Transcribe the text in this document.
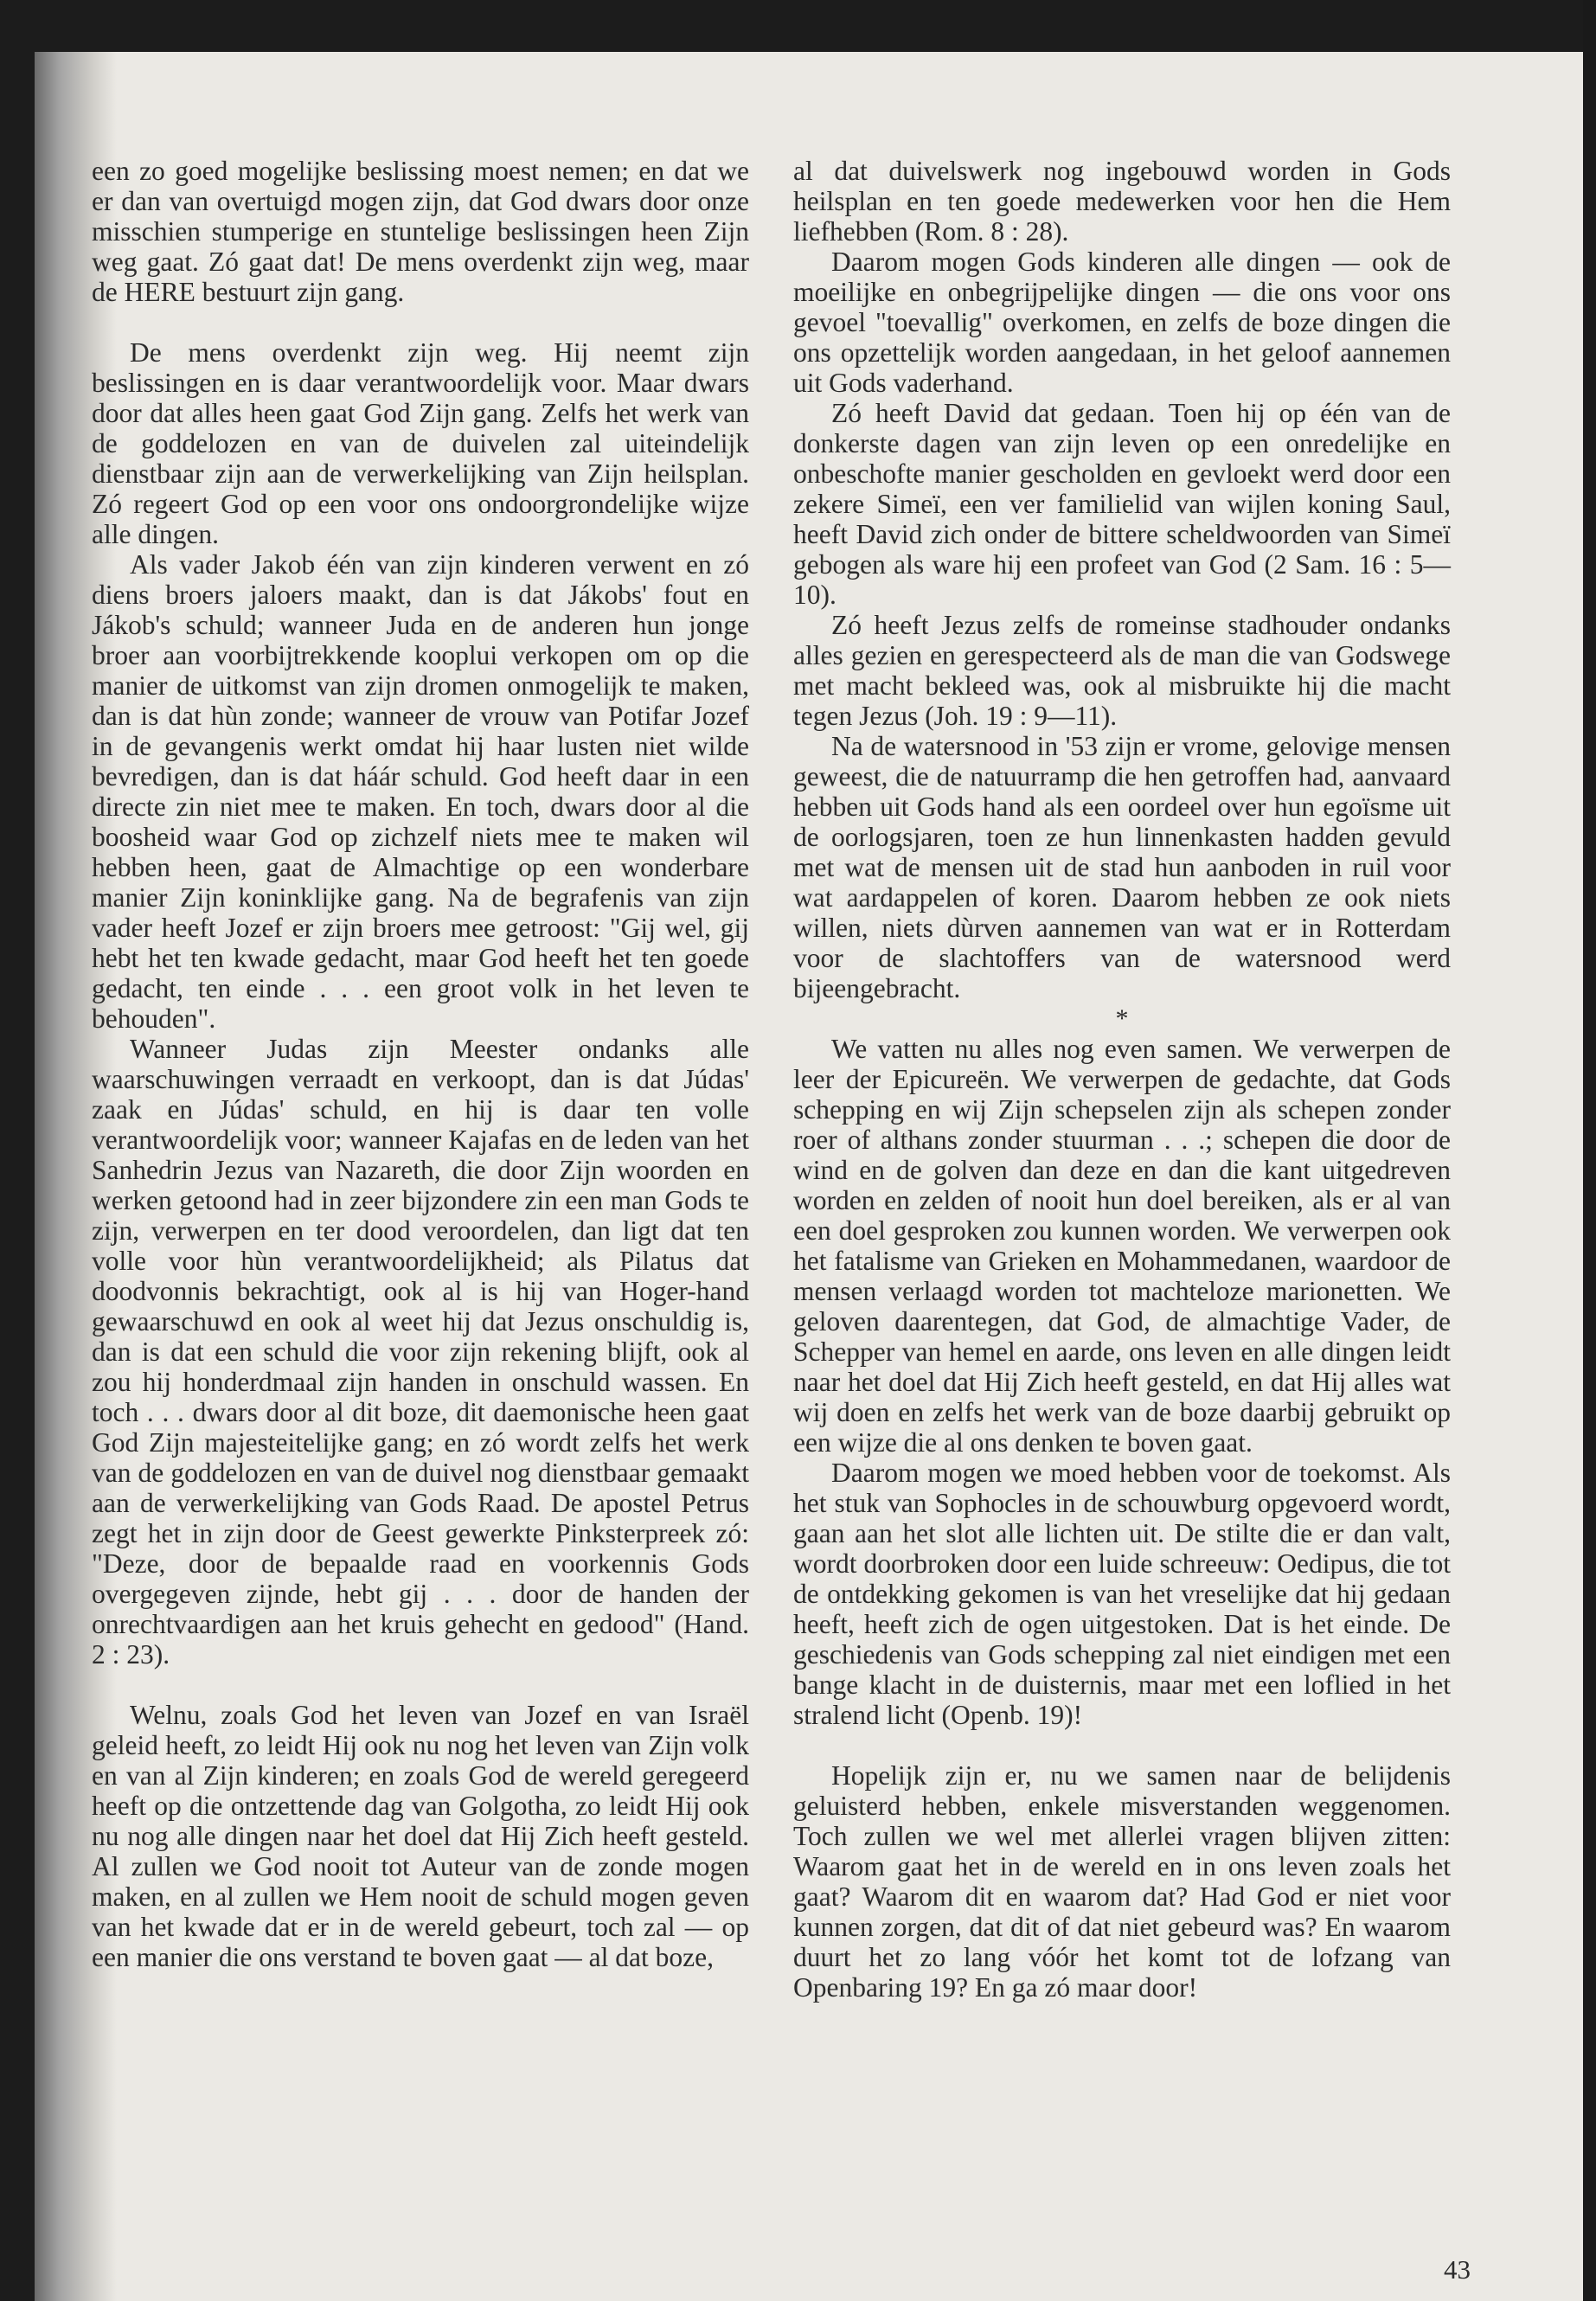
een zo goed mogelijke beslissing moest nemen; en dat we er dan van overtuigd mogen zijn, dat God dwars door onze misschien stumperige en stuntelige beslissingen heen Zijn weg gaat. Zó gaat dat! De mens overdenkt zijn weg, maar de HERE bestuurt zijn gang.

De mens overdenkt zijn weg. Hij neemt zijn beslissingen en is daar verantwoordelijk voor. Maar dwars door dat alles heen gaat God Zijn gang. Zelfs het werk van de goddelozen en van de duivelen zal uiteindelijk dienstbaar zijn aan de verwerkelijking van Zijn heilsplan. Zó regeert God op een voor ons ondoorgrondelijke wijze alle dingen.

Als vader Jakob één van zijn kinderen verwent en zó diens broers jaloers maakt, dan is dat Jákobs' fout en Jákob's schuld; wanneer Juda en de anderen hun jonge broer aan voorbijtrekkende kooplui verkopen om op die manier de uitkomst van zijn dromen onmogelijk te maken, dan is dat hùn zonde; wanneer de vrouw van Potifar Jozef in de gevangenis werkt omdat hij haar lusten niet wilde bevredigen, dan is dat háár schuld. God heeft daar in een directe zin niet mee te maken. En toch, dwars door al die boosheid waar God op zichzelf niets mee te maken wil hebben heen, gaat de Almachtige op een wonderbare manier Zijn koninklijke gang. Na de begrafenis van zijn vader heeft Jozef er zijn broers mee getroost: "Gij wel, gij hebt het ten kwade gedacht, maar God heeft het ten goede gedacht, ten einde . . . een groot volk in het leven te behouden".

Wanneer Judas zijn Meester ondanks alle waarschuwingen verraadt en verkoopt, dan is dat Júdas' zaak en Júdas' schuld, en hij is daar ten volle verantwoordelijk voor; wanneer Kajafas en de leden van het Sanhedrin Jezus van Nazareth, die door Zijn woorden en werken getoond had in zeer bijzondere zin een man Gods te zijn, verwerpen en ter dood veroordelen, dan ligt dat ten volle voor hùn verantwoordelijkheid; als Pilatus dat doodvonnis bekrachtigt, ook al is hij van Hoger-hand gewaarschuwd en ook al weet hij dat Jezus onschuldig is, dan is dat een schuld die voor zijn rekening blijft, ook al zou hij honderdmaal zijn handen in onschuld wassen. En toch . . . dwars door al dit boze, dit daemonische heen gaat God Zijn majesteitelijke gang; en zó wordt zelfs het werk van de goddelozen en van de duivel nog dienstbaar gemaakt aan de verwerkelijking van Gods Raad. De apostel Petrus zegt het in zijn door de Geest gewerkte Pinksterpreek zó: "Deze, door de bepaalde raad en voorkennis Gods overgegeven zijnde, hebt gij . . . door de handen der onrechtvaardigen aan het kruis gehecht en gedood" (Hand. 2 : 23).

Welnu, zoals God het leven van Jozef en van Israël geleid heeft, zo leidt Hij ook nu nog het leven van Zijn volk en van al Zijn kinderen; en zoals God de wereld geregeerd heeft op die ontzettende dag van Golgotha, zo leidt Hij ook nu nog alle dingen naar het doel dat Hij Zich heeft gesteld. Al zullen we God nooit tot Auteur van de zonde mogen maken, en al zullen we Hem nooit de schuld mogen geven van het kwade dat er in de wereld gebeurt, toch zal — op een manier die ons verstand te boven gaat — al dat boze,

al dat duivelswerk nog ingebouwd worden in Gods heilsplan en ten goede medewerken voor hen die Hem liefhebben (Rom. 8 : 28).

Daarom mogen Gods kinderen alle dingen — ook de moeilijke en onbegrijpelijke dingen — die ons voor ons gevoel "toevallig" overkomen, en zelfs de boze dingen die ons opzettelijk worden aangedaan, in het geloof aannemen uit Gods vaderhand.

Zó heeft David dat gedaan. Toen hij op één van de donkerste dagen van zijn leven op een onredelijke en onbeschofte manier gescholden en gevloekt werd door een zekere Simeï, een ver familielid van wijlen koning Saul, heeft David zich onder de bittere scheldwoorden van Simeï gebogen als ware hij een profeet van God (2 Sam. 16 : 5—10).

Zó heeft Jezus zelfs de romeinse stadhouder ondanks alles gezien en gerespecteerd als de man die van Godswege met macht bekleed was, ook al misbruikte hij die macht tegen Jezus (Joh. 19 : 9—11).

Na de watersnood in '53 zijn er vrome, gelovige mensen geweest, die de natuurramp die hen getroffen had, aanvaard hebben uit Gods hand als een oordeel over hun egoïsme uit de oorlogsjaren, toen ze hun linnenkasten hadden gevuld met wat de mensen uit de stad hun aanboden in ruil voor wat aardappelen of koren. Daarom hebben ze ook niets willen, niets dùrven aannemen van wat er in Rotterdam voor de slachtoffers van de watersnood werd bijeengebracht.

*

We vatten nu alles nog even samen. We verwerpen de leer der Epicureën. We verwerpen de gedachte, dat Gods schepping en wij Zijn schepselen zijn als schepen zonder roer of althans zonder stuurman . . .; schepen die door de wind en de golven dan deze en dan die kant uitgedreven worden en zelden of nooit hun doel bereiken, als er al van een doel gesproken zou kunnen worden. We verwerpen ook het fatalisme van Grieken en Mohammedanen, waardoor de mensen verlaagd worden tot machteloze marionetten. We geloven daarentegen, dat God, de almachtige Vader, de Schepper van hemel en aarde, ons leven en alle dingen leidt naar het doel dat Hij Zich heeft gesteld, en dat Hij alles wat wij doen en zelfs het werk van de boze daarbij gebruikt op een wijze die al ons denken te boven gaat.

Daarom mogen we moed hebben voor de toekomst. Als het stuk van Sophocles in de schouwburg opgevoerd wordt, gaan aan het slot alle lichten uit. De stilte die er dan valt, wordt doorbroken door een luide schreeuw: Oedipus, die tot de ontdekking gekomen is van het vreselijke dat hij gedaan heeft, heeft zich de ogen uitgestoken. Dat is het einde. De geschiedenis van Gods schepping zal niet eindigen met een bange klacht in de duisternis, maar met een loflied in het stralend licht (Openb. 19)!

Hopelijk zijn er, nu we samen naar de belijdenis geluisterd hebben, enkele misverstanden weggenomen. Toch zullen we wel met allerlei vragen blijven zitten: Waarom gaat het in de wereld en in ons leven zoals het gaat? Waarom dit en waarom dat? Had God er niet voor kunnen zorgen, dat dit of dat niet gebeurd was? En waarom duurt het zo lang vóór het komt tot de lofzang van Openbaring 19? En ga zó maar door!

43
